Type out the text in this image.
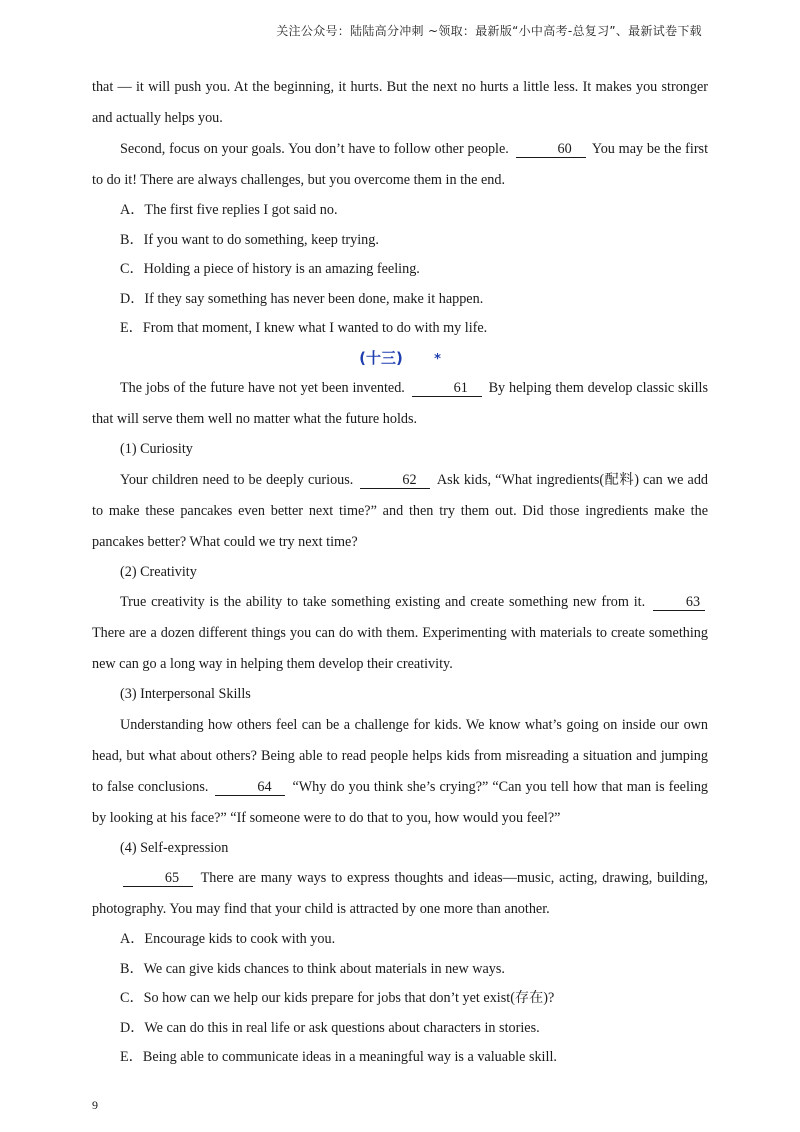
关注公众号：陆陆高分冲刺 ~领取：最新版“小中高考-总复习”、最新试卷下载

that — it will push you. At the beginning, it hurts. But the next no hurts a little less. It makes you stronger and actually helps you.

Second, focus on your goals. You don’t have to follow other people.	60 You may be the first to do it! There are always challenges, but you overcome them in the end.

A．The first five replies I got said no.

B．If you want to do something, keep trying.

C．Holding a piece of history is an amazing feeling.

D．If they say something has never been done, make it happen.

E．From that moment, I knew what I wanted to do with my life.

(十三) *

The jobs of the future have not yet been invented.	61 By helping them develop classic skills that will serve them well no matter what the future holds.

(1) Curiosity

Your children need to be deeply curious.	62 Ask kids, “What ingredients(配料) can we add to make these pancakes even better next time?” and then try them out. Did those ingredients make the pancakes better? What could we try next time?

(2) Creativity

True creativity is the ability to take something existing and create something new from it.	63 There are a dozen different things you can do with them. Experimenting with materials to create something new can go a long way in helping them develop their creativity.

(3) Interpersonal Skills

Understanding how others feel can be a challenge for kids. We know what’s going on inside our own head, but what about others? Being able to read people helps kids from misreading a situation and jumping to false conclusions.	64 “Why do you think she’s crying?” “Can you tell how that man is feeling by looking at his face?” “If someone were to do that to you, how would you feel?”

(4) Self-expression

65 There are many ways to express thoughts and ideas—music, acting, drawing, building, photography. You may find that your child is attracted by one more than another.

A．Encourage kids to cook with you.

B．We can give kids chances to think about materials in new ways.

C．So how can we help our kids prepare for jobs that don’t yet exist(存在)?

D．We can do this in real life or ask questions about characters in stories.

E．Being able to communicate ideas in a meaningful way is a valuable skill.

9
